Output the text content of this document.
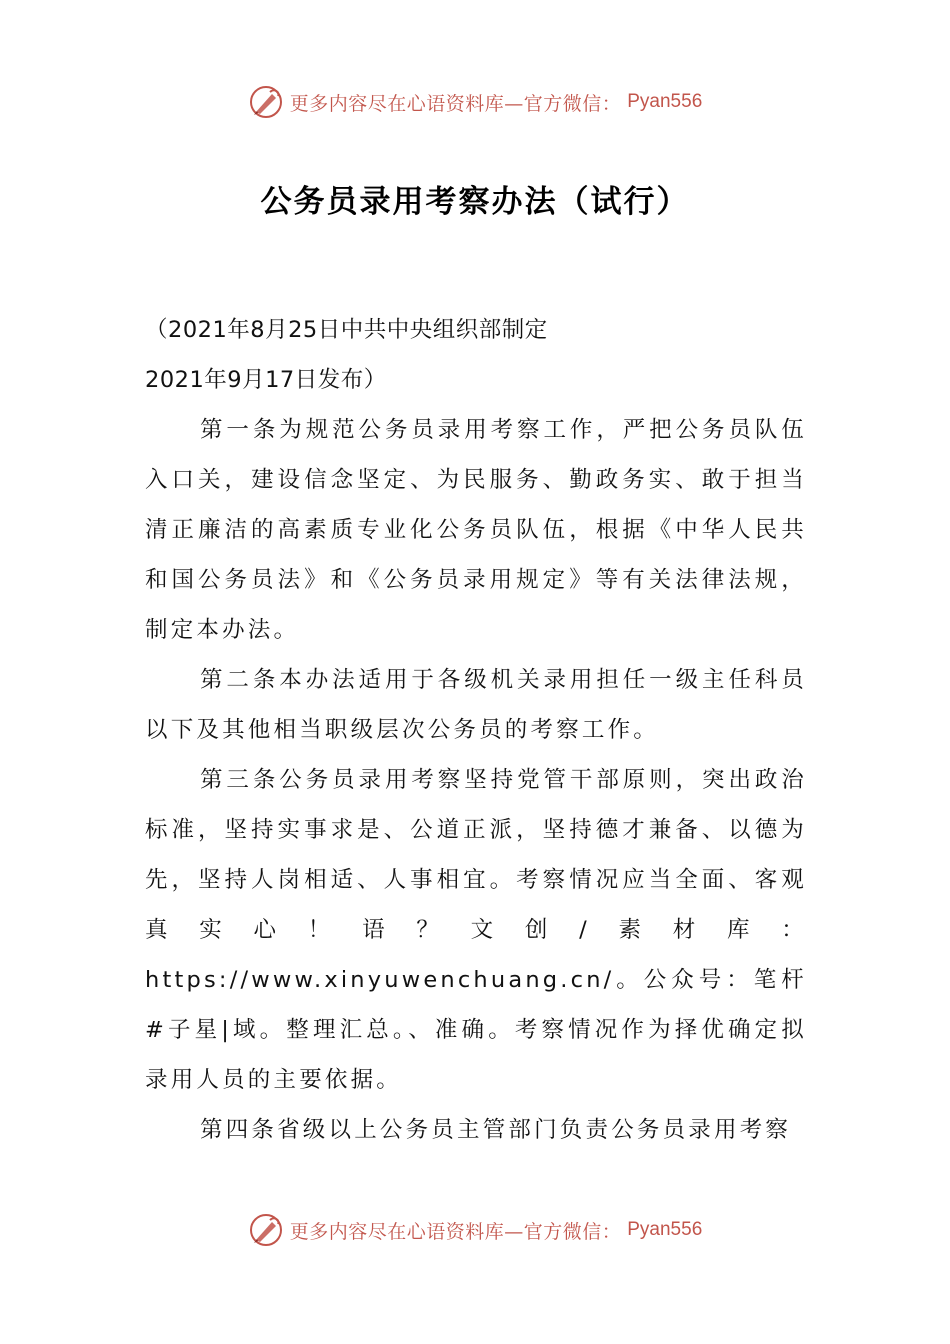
更多内容尽在心语资料库—官方微信： Pyan556
公务员录用考察办法（试行）

（2021年8月25日中共中央组织部制定

2021年9月17日发布）

第一条为规范公务员录用考察工作，严把公务员队伍入口关，建设信念坚定、为民服务、勤政务实、敢于担当清正廉洁的高素质专业化公务员队伍，根据《中华人民共和国公务员法》和《公务员录用规定》等有关法律法规，制定本办法。

第二条本办法适用于各级机关录用担任一级主任科员以下及其他相当职级层次公务员的考察工作。

第三条公务员录用考察坚持党管干部原则，突出政治标准，坚持实事求是、公道正派，坚持德才兼备、以德为先，坚持人岗相适、人事相宜。考察情况应当全面、客观真实心！语？文创/素材库：https://www.xinyuwenchuang.cn/。公众号：笔杆#子星|域。整理汇总。、准确。考察情况作为择优确定拟录用人员的主要依据。

第四条省级以上公务员主管部门负责公务员录用考察

更多内容尽在心语资料库—官方微信： Pyan556
